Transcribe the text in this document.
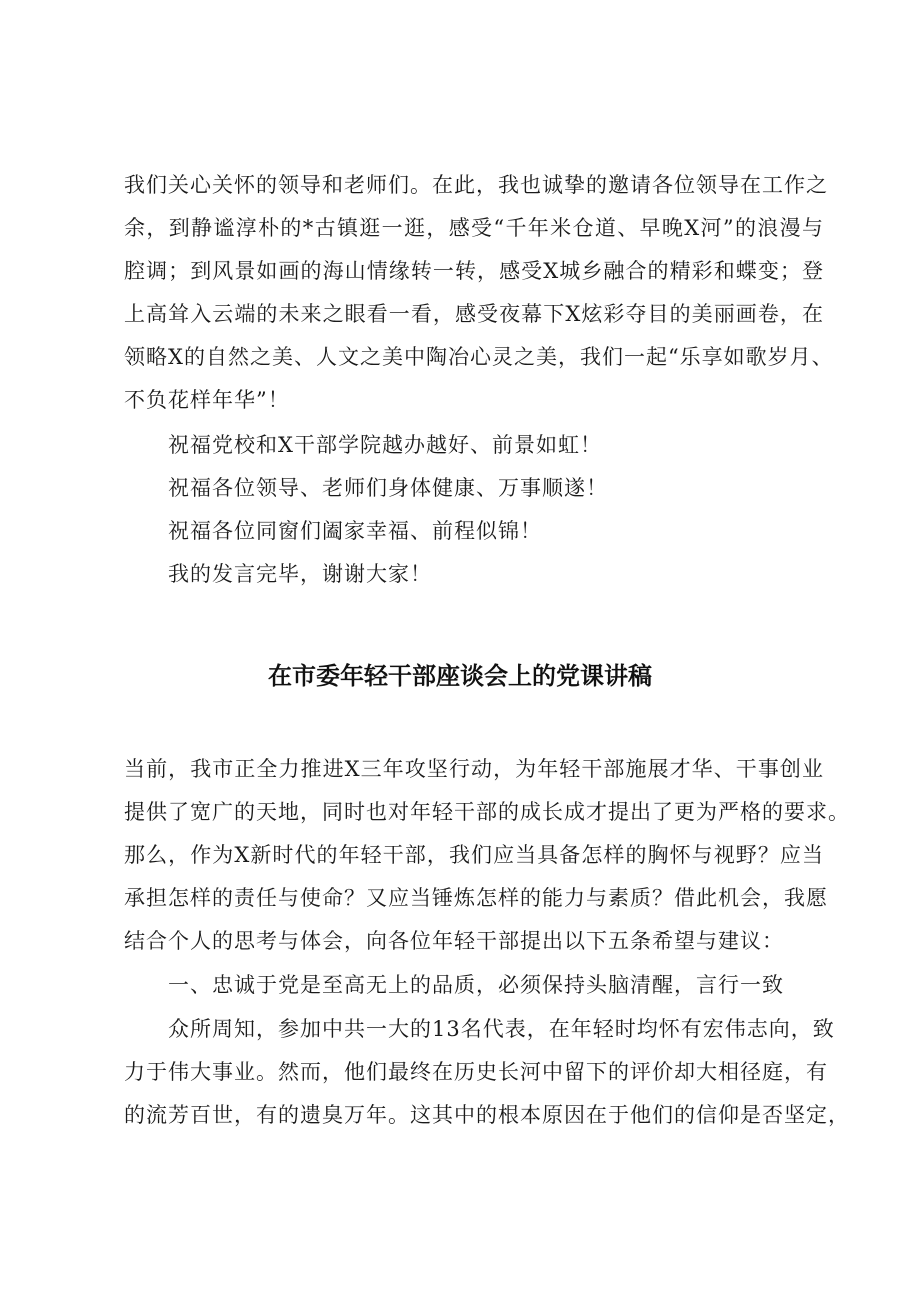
我们关心关怀的领导和老师们。在此，我也诚挚的邀请各位领导在工作之

余，到静谧淳朴的*古镇逛一逛，感受“千年米仓道、早晚X河”的浪漫与

腔调；到风景如画的海山情缘转一转，感受X城乡融合的精彩和蝶变；登

上高耸入云端的未来之眼看一看，感受夜幕下X炫彩夺目的美丽画卷，在

领略X的自然之美、人文之美中陶冶心灵之美，我们一起“乐享如歌岁月、

不负花样年华”！

祝福党校和X干部学院越办越好、前景如虹！

祝福各位领导、老师们身体健康、万事顺遂！

祝福各位同窗们阖家幸福、前程似锦！

我的发言完毕，谢谢大家！

在市委年轻干部座谈会上的党课讲稿

当前，我市正全力推进X三年攻坚行动，为年轻干部施展才华、干事创业

提供了宽广的天地，同时也对年轻干部的成长成才提出了更为严格的要求。

那么，作为X新时代的年轻干部，我们应当具备怎样的胸怀与视野？应当

承担怎样的责任与使命？又应当锤炼怎样的能力与素质？借此机会，我愿

结合个人的思考与体会，向各位年轻干部提出以下五条希望与建议：

一、忠诚于党是至高无上的品质，必须保持头脑清醒，言行一致

众所周知，参加中共一大的13名代表，在年轻时均怀有宏伟志向，致

力于伟大事业。然而，他们最终在历史长河中留下的评价却大相径庭，有

的流芳百世，有的遗臭万年。这其中的根本原因在于他们的信仰是否坚定，
